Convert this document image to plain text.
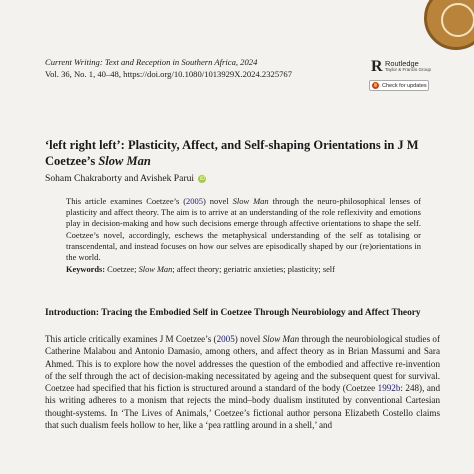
Current Writing: Text and Reception in Southern Africa, 2024
Vol. 36, No. 1, 40–48, https://doi.org/10.1080/1013929X.2024.2325767	R Routledge
Taylor & Francis Group
Check for updates
‘left right left’: Plasticity, Affect, and Self-shaping Orientations in J M Coetzee’s Slow Man
Soham Chakraborty and Avishek Parui iD

This article examines Coetzee’s (2005) novel Slow Man through the neuro-philosophical lenses of plasticity and affect theory. The aim is to arrive at an understanding of the role reflexivity and emotions play in decision-making and how such decisions emerge through affective orientations to shape the self. Coetzee’s novel, accordingly, eschews the metaphysical understanding of the self as totalising or transcendental, and instead focuses on how our selves are episodically shaped by our (re)orientations in the world.

Keywords: Coetzee; Slow Man; affect theory; geriatric anxieties; plasticity; self

Introduction: Tracing the Embodied Self in Coetzee Through Neurobiology and Affect Theory

This article critically examines J M Coetzee’s (2005) novel Slow Man through the neurobiological studies of Catherine Malabou and Antonio Damasio, among others, and affect theory as in Brian Massumi and Sara Ahmed. This is to explore how the novel addresses the question of the embodied and affective re-invention of the self through the act of decision-making necessitated by ageing and the subsequent quest for survival. Coetzee had specified that his fiction is structured around a standard of the body (Coetzee 1992b: 248), and his writing adheres to a monism that rejects the mind–body dualism instituted by conventional Cartesian thought-systems. In ‘The Lives of Animals,’ Coetzee’s fictional author persona Elizabeth Costello claims that such dualism feels hollow to her, like a ‘pea rattling around in a shell,’ and
